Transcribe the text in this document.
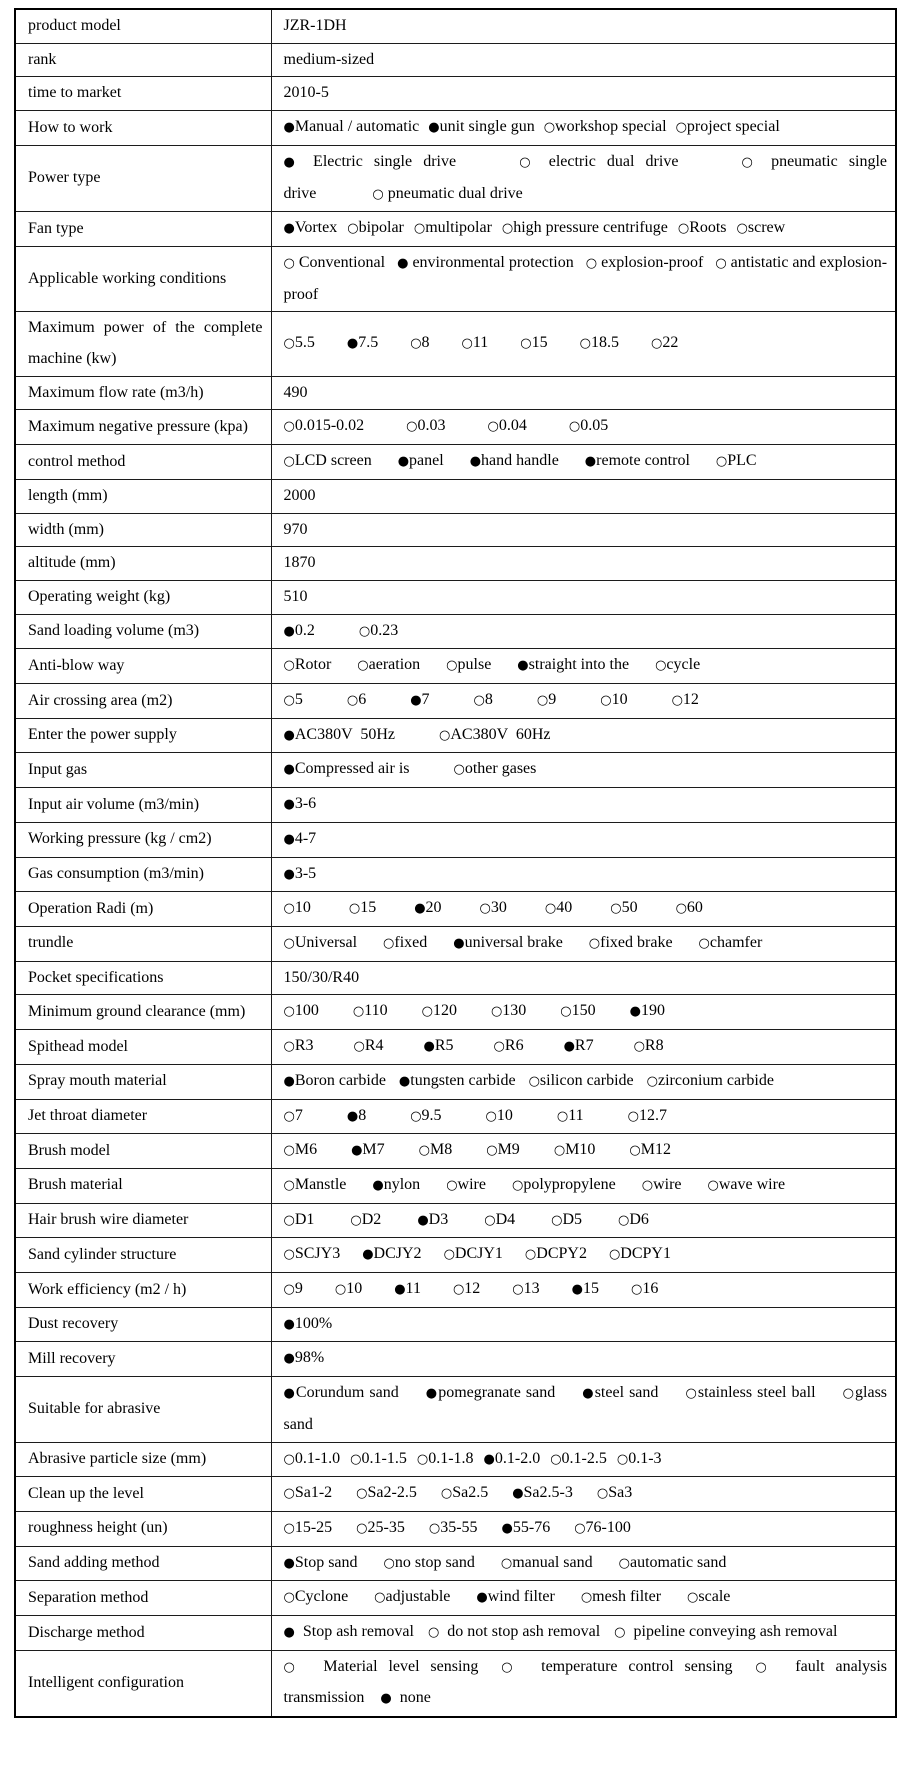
product model	JZR-1DH
rank	medium-sized
time to market	2010-5
How to work	●Manual / automatic ●unit single gun ○workshop special ○project special
Power type	● Electric single drive ○ electric dual drive ○ pneumatic single drive ○ pneumatic dual drive
Fan type	●Vortex ○bipolar ○multipolar ○high pressure centrifuge ○Roots ○screw
Applicable working conditions	○ Conventional ● environmental protection ○ explosion-proof ○ antistatic and explosion-proof
Maximum power of the complete machine (kw)	○5.5 ●7.5 ○8 ○11 ○15 ○18.5 ○22
Maximum flow rate (m3/h)	490
Maximum negative pressure (kpa)	○0.015-0.02 ○0.03 ○0.04 ○0.05
control method	○LCD screen ●panel ●hand handle ●remote control ○PLC
length (mm)	2000
width (mm)	970
altitude (mm)	1870
Operating weight (kg)	510
Sand loading volume (m3)	●0.2 ○0.23
Anti-blow way	○Rotor ○aeration ○pulse ●straight into the ○cycle
Air crossing area (m2)	○5 ○6 ●7 ○8 ○9 ○10 ○12
Enter the power supply	●AC380V  50Hz ○AC380V  60Hz
Input gas	●Compressed air is ○other gases
Input air volume (m3/min)	●3-6
Working pressure (kg / cm2)	●4-7
Gas consumption (m3/min)	●3-5
Operation Radi (m)	○10 ○15 ●20 ○30 ○40 ○50 ○60
trundle	○Universal ○fixed ●universal brake ○fixed brake ○chamfer
Pocket specifications	150/30/R40
Minimum ground clearance (mm)	○100 ○110 ○120 ○130 ○150 ●190
Spithead model	○R3 ○R4 ●R5 ○R6 ●R7 ○R8
Spray mouth material	●Boron carbide ●tungsten carbide ○silicon carbide ○zirconium carbide
Jet throat diameter	○7 ●8 ○9.5 ○10 ○11 ○12.7
Brush model	○M6 ●M7 ○M8 ○M9 ○M10 ○M12
Brush material	○Manstle ●nylon ○wire ○polypropylene ○wire ○wave wire
Hair brush wire diameter	○D1 ○D2 ●D3 ○D4 ○D5 ○D6
Sand cylinder structure	○SCJY3 ●DCJY2 ○DCJY1 ○DCPY2 ○DCPY1
Work efficiency (m2 / h)	○9 ○10 ●11 ○12 ○13 ●15 ○16
Dust recovery	●100%
Mill recovery	●98%
Suitable for abrasive	●Corundum sand ●pomegranate sand ●steel sand ○stainless steel ball ○glass sand
Abrasive particle size (mm)	○0.1-1.0 ○0.1-1.5 ○0.1-1.8 ●0.1-2.0 ○0.1-2.5 ○0.1-3
Clean up the level	○Sa1-2 ○Sa2-2.5 ○Sa2.5 ●Sa2.5-3 ○Sa3
roughness height (un)	○15-25 ○25-35 ○35-55 ●55-76 ○76-100
Sand adding method	●Stop sand ○no stop sand ○manual sand ○automatic sand
Separation method	○Cyclone ○adjustable ●wind filter ○mesh filter ○scale
Discharge method	●  Stop ash removal ○  do not stop ash removal ○  pipeline conveying ash removal
Intelligent configuration	○  Material level sensing ○  temperature control sensing ○  fault analysis transmission ●  none
